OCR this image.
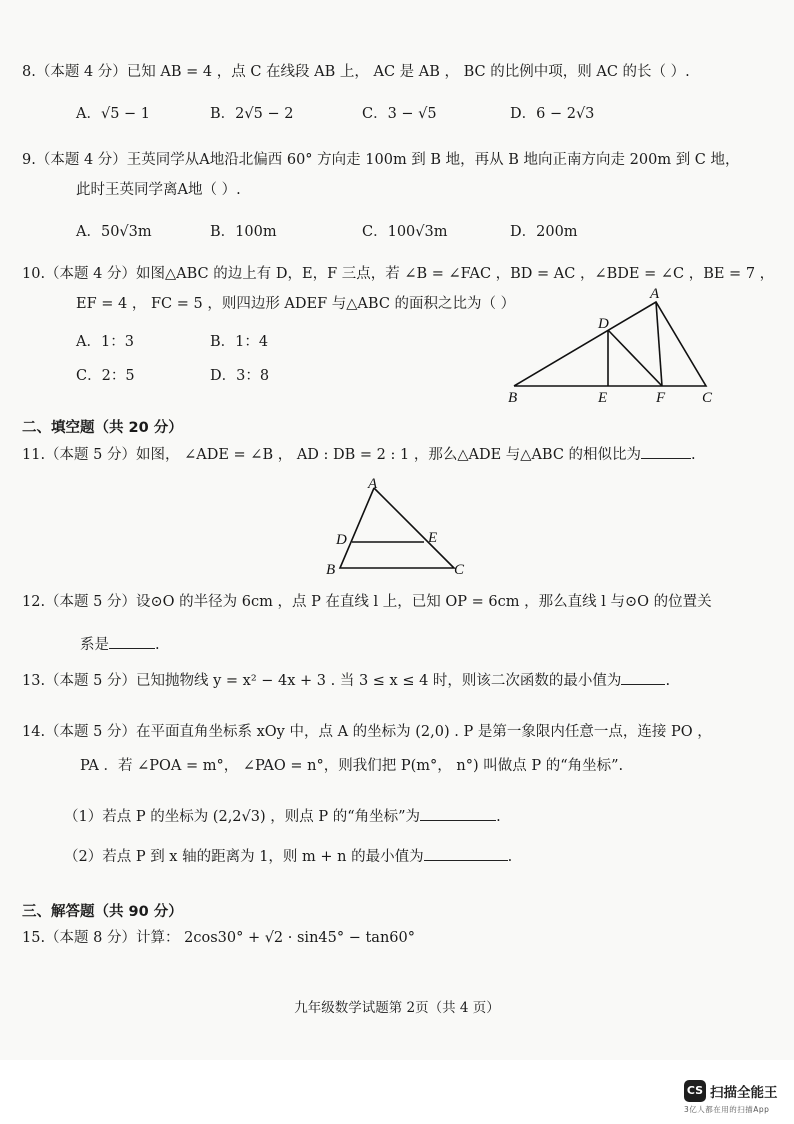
8.（本题 4 分）已知 AB = 4 ，点 C 在线段 AB 上， AC 是 AB ， BC 的比例中项，则 AC 的长（ ）.
A．√5 − 1	B．2√5 − 2	C．3 − √5	D．6 − 2√3
9.（本题 4 分）王英同学从A地沿北偏西 60° 方向走 100m 到 B 地，再从 B 地向正南方向走 200m 到 C 地，
此时王英同学离A地（ ）.
A．50√3m	B．100m	C．100√3m	D．200m
10.（本题 4 分）如图△ABC 的边上有 D，E，F 三点，若 ∠B = ∠FAC ，BD = AC ，∠BDE = ∠C ，BE = 7 ，
EF = 4 ， FC = 5 ，则四边形 ADEF 与△ABC 的面积之比为（ ）
A．1：3	B．1：4
C．2：5	D．3：8
A
D
B	E	F C
二、填空题（共 20 分）
11.（本题 5 分）如图， ∠ADE = ∠B ， AD : DB = 2 : 1 ，那么△ADE 与△ABC 的相似比为	.
A
D	E
B	C
12.（本题 5 分）设⊙O 的半径为 6cm ，点 P 在直线 l 上，已知 OP = 6cm ，那么直线 l 与⊙O 的位置关
系是	.
13.（本题 5 分）已知抛物线 y = x² − 4x + 3 . 当 3 ≤ x ≤ 4 时，则该二次函数的最小值为	.
14.（本题 5 分）在平面直角坐标系 xOy 中，点 A 的坐标为 (2,0) . P 是第一象限内任意一点，连接 PO ，
PA ．若 ∠POA = m°， ∠PAO = n°，则我们把 P(m°， n°) 叫做点 P 的“角坐标”.
（1）若点 P 的坐标为 (2,2√3) ，则点 P 的“角坐标”为	.
（2）若点 P 到 x 轴的距离为 1，则 m + n 的最小值为	.
三、解答题（共 90 分）
15.（本题 8 分）计算： 2cos30° + √2 · sin45° − tan60°
九年级数学试题第 2页（共 4 页）
CS 扫描全能王
3亿人都在用的扫描App
